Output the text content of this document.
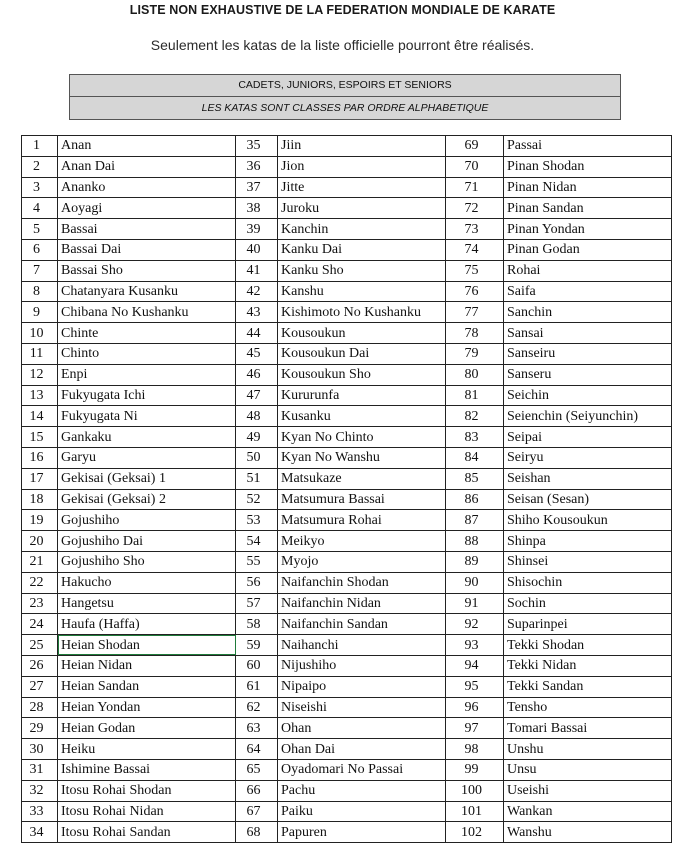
LISTE NON EXHAUSTIVE DE LA FEDERATION MONDIALE DE KARATE
Seulement les katas de la liste officielle pourront être réalisés.
CADETS, JUNIORS, ESPOIRS ET SENIORS
LES KATAS SONT CLASSES PAR ORDRE ALPHABETIQUE
1	Anan	35	Jiin	69	Passai
2	Anan Dai	36	Jion	70	Pinan Shodan
3	Ananko	37	Jitte	71	Pinan Nidan
4	Aoyagi	38	Juroku	72	Pinan Sandan
5	Bassai	39	Kanchin	73	Pinan Yondan
6	Bassai Dai	40	Kanku Dai	74	Pinan Godan
7	Bassai Sho	41	Kanku Sho	75	Rohai
8	Chatanyara Kusanku	42	Kanshu	76	Saifa
9	Chibana No Kushanku	43	Kishimoto No Kushanku	77	Sanchin
10	Chinte	44	Kousoukun	78	Sansai
11	Chinto	45	Kousoukun Dai	79	Sanseiru
12	Enpi	46	Kousoukun Sho	80	Sanseru
13	Fukyugata Ichi	47	Kururunfa	81	Seichin
14	Fukyugata Ni	48	Kusanku	82	Seienchin (Seiyunchin)
15	Gankaku	49	Kyan No Chinto	83	Seipai
16	Garyu	50	Kyan No Wanshu	84	Seiryu
17	Gekisai (Geksai) 1	51	Matsukaze	85	Seishan
18	Gekisai (Geksai) 2	52	Matsumura Bassai	86	Seisan (Sesan)
19	Gojushiho	53	Matsumura Rohai	87	Shiho Kousoukun
20	Gojushiho Dai	54	Meikyo	88	Shinpa
21	Gojushiho Sho	55	Myojo	89	Shinsei
22	Hakucho	56	Naifanchin Shodan	90	Shisochin
23	Hangetsu	57	Naifanchin Nidan	91	Sochin
24	Haufa (Haffa)	58	Naifanchin Sandan	92	Suparinpei
25	Heian Shodan	59	Naihanchi	93	Tekki Shodan
26	Heian Nidan	60	Nijushiho	94	Tekki Nidan
27	Heian Sandan	61	Nipaipo	95	Tekki Sandan
28	Heian Yondan	62	Niseishi	96	Tensho
29	Heian Godan	63	Ohan	97	Tomari Bassai
30	Heiku	64	Ohan Dai	98	Unshu
31	Ishimine Bassai	65	Oyadomari No Passai	99	Unsu
32	Itosu Rohai Shodan	66	Pachu	100	Useishi
33	Itosu Rohai Nidan	67	Paiku	101	Wankan
34	Itosu Rohai Sandan	68	Papuren	102	Wanshu
